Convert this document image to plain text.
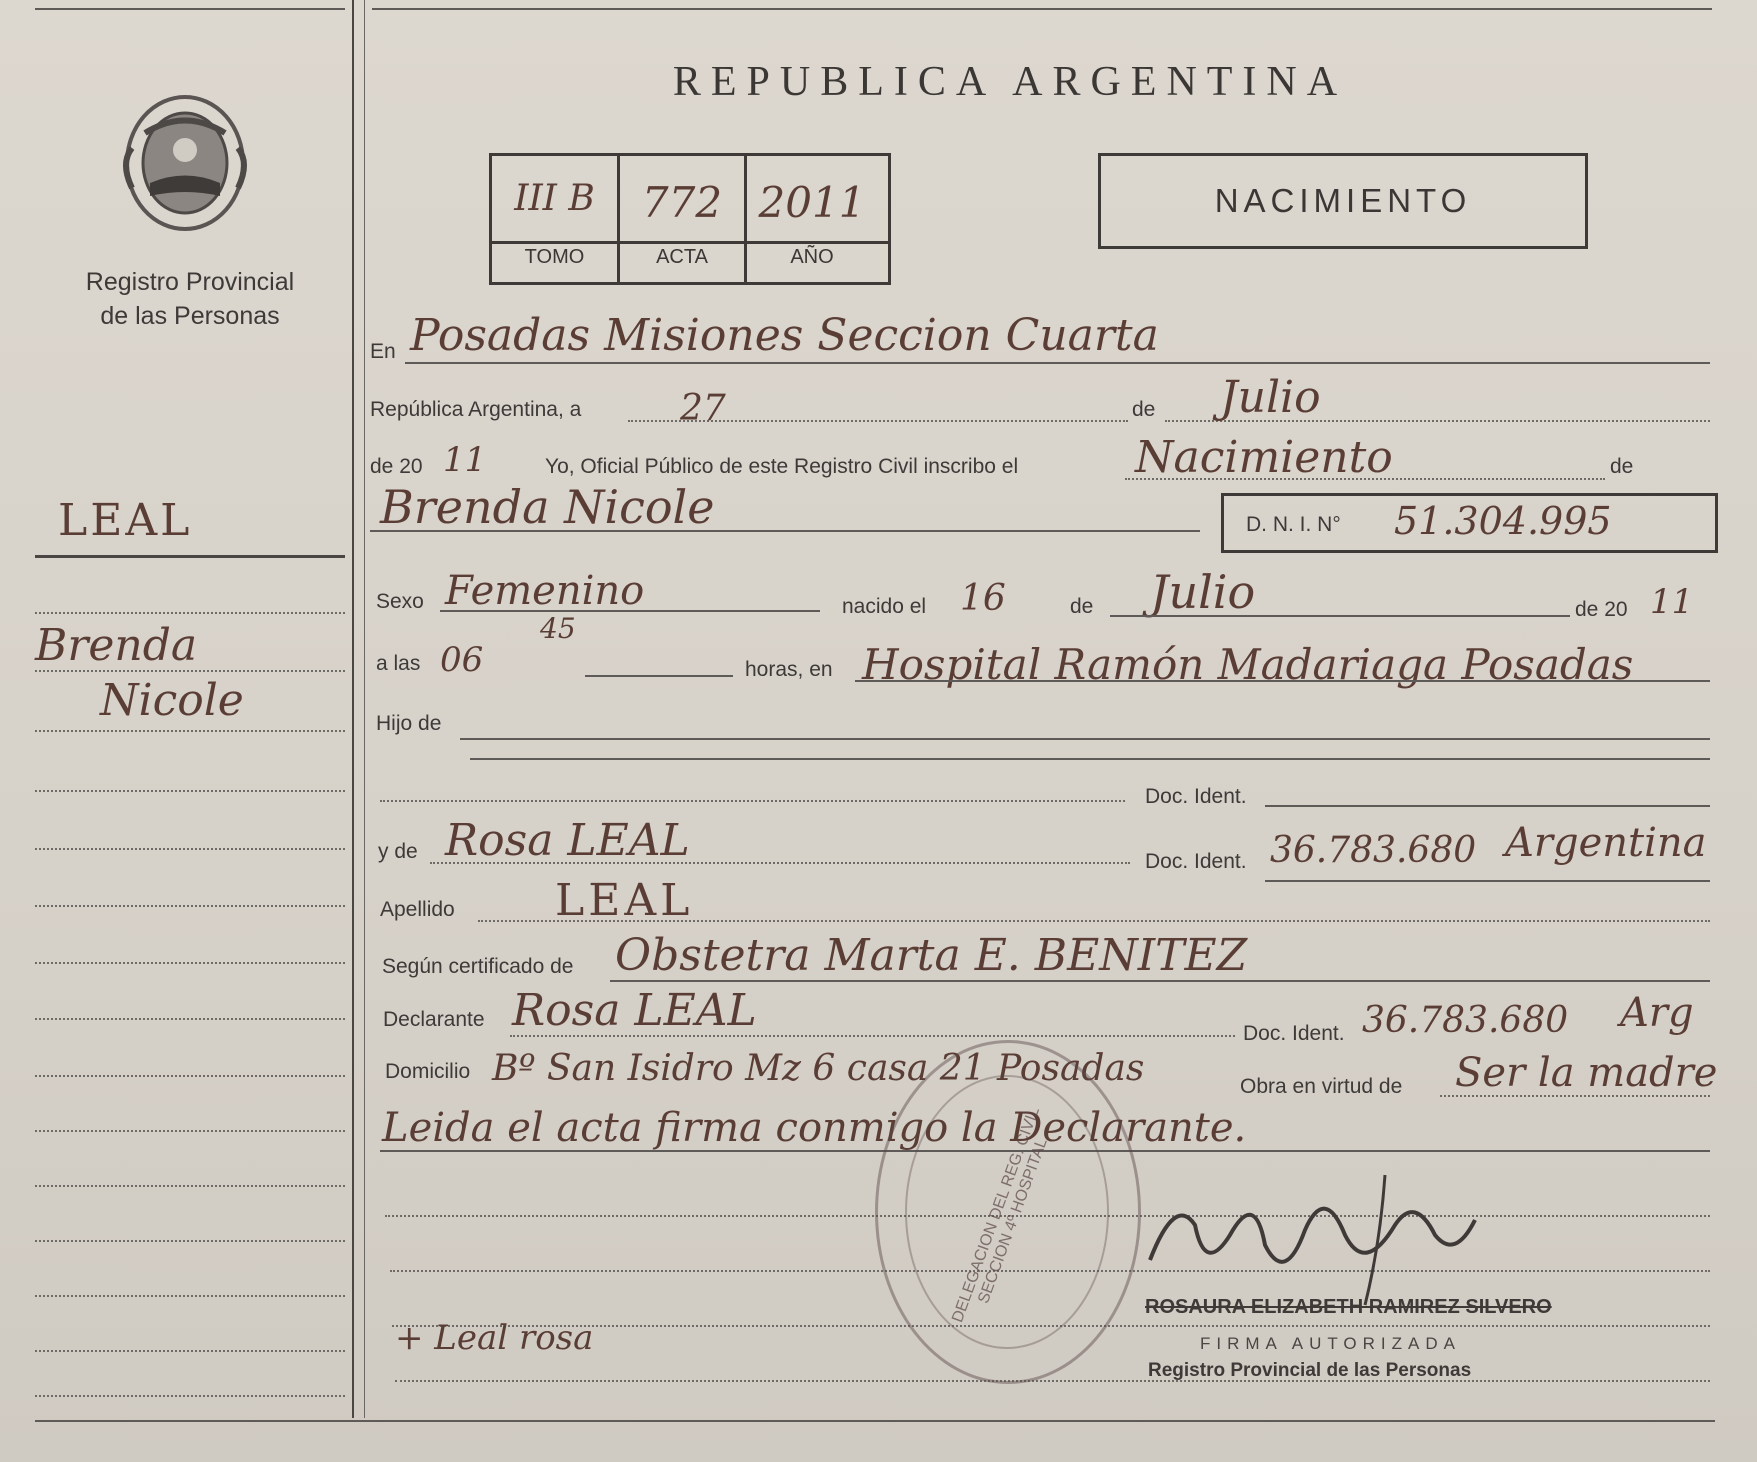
Registro Provincial
de las Personas
LEAL
Brenda
Nicole
REPUBLICA ARGENTINA
III B	772 2011
TOMO	ACTA	AÑO
NACIMIENTO
En Posadas Misiones Seccion Cuarta
República Argentina, a	27	de Julio
de 20 11	Yo, Oficial Público de este Registro Civil inscribo el	Nacimiento	de
Brenda Nicole	D. N. I. N° 51.304.995
Sexo Femenino	nacido el 16	de Julio	de 20 11
a las 06
45
horas, en Hospital Ramón Madariaga Posadas
Hijo de
Doc. Ident.
y de Rosa LEAL	Doc. Ident. 36.783.680 Argentina
Apellido LEAL
Según certificado de Obstetra Marta E. BENITEZ
Declarante Rosa LEAL	Doc. Ident. 36.783.680 Arg
Domicilio Bº San Isidro Mz 6 casa 21 Posadas	Obra en virtud de Ser la madre
Leida el acta firma conmigo la Declarante.
+ Leal rosa
DELEGACION DEL REG. CIVIL SECCION 4º HOSPITAL
ROSAURA ELIZABETH RAMIREZ SILVERO
FIRMA AUTORIZADA
Registro Provincial de las Personas
